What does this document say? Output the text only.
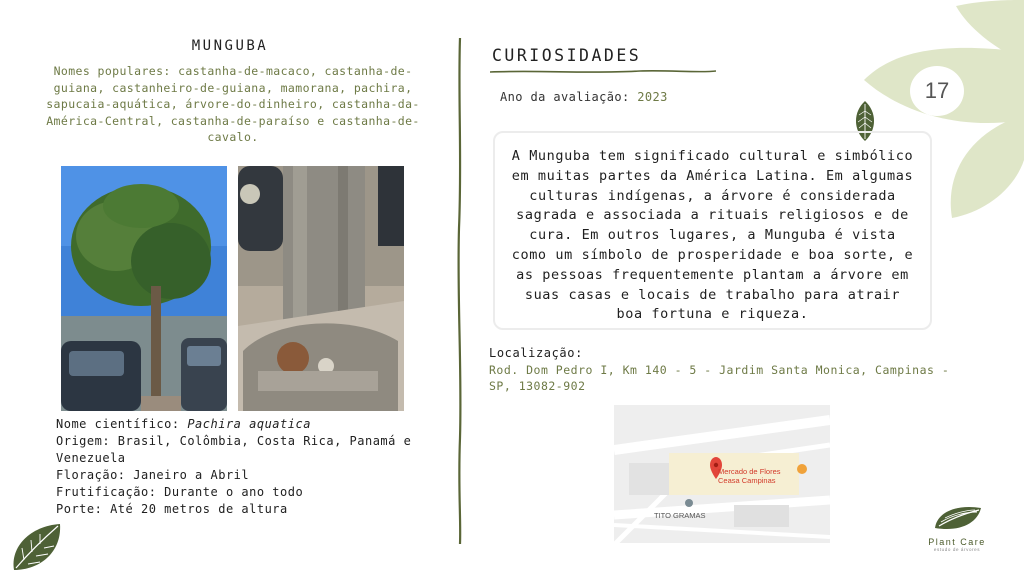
17
MUNGUBA
Nomes populares: castanha-de-macaco, castanha-de-guiana, castanheiro-de-guiana, mamorana, pachira, sapucaia-aquática, árvore-do-dinheiro, castanha-da-América-Central, castanha-de-paraíso e castanha-de-cavalo.
Nome científico: Pachira aquatica
Origem: Brasil, Colômbia, Costa Rica, Panamá e Venezuela
Floração: Janeiro a Abril
Frutificação: Durante o ano todo
Porte: Até 20 metros de altura
CURIOSIDADES
Ano da avaliação: 2023
A Munguba tem significado cultural e simbólico em muitas partes da América Latina. Em algumas culturas indígenas, a árvore é considerada sagrada e associada a rituais religiosos e de cura. Em outros lugares, a Munguba é vista como um símbolo de prosperidade e boa sorte, e as pessoas frequentemente plantam a árvore em suas casas e locais de trabalho para atrair boa fortuna e riqueza.
Localização:
Rod. Dom Pedro I, Km 140 - 5 - Jardim Santa Monica, Campinas - SP, 13082-902
Mercado de Flores
Ceasa Campinas
TITO GRAMAS
Plant Care
estudo de árvores
